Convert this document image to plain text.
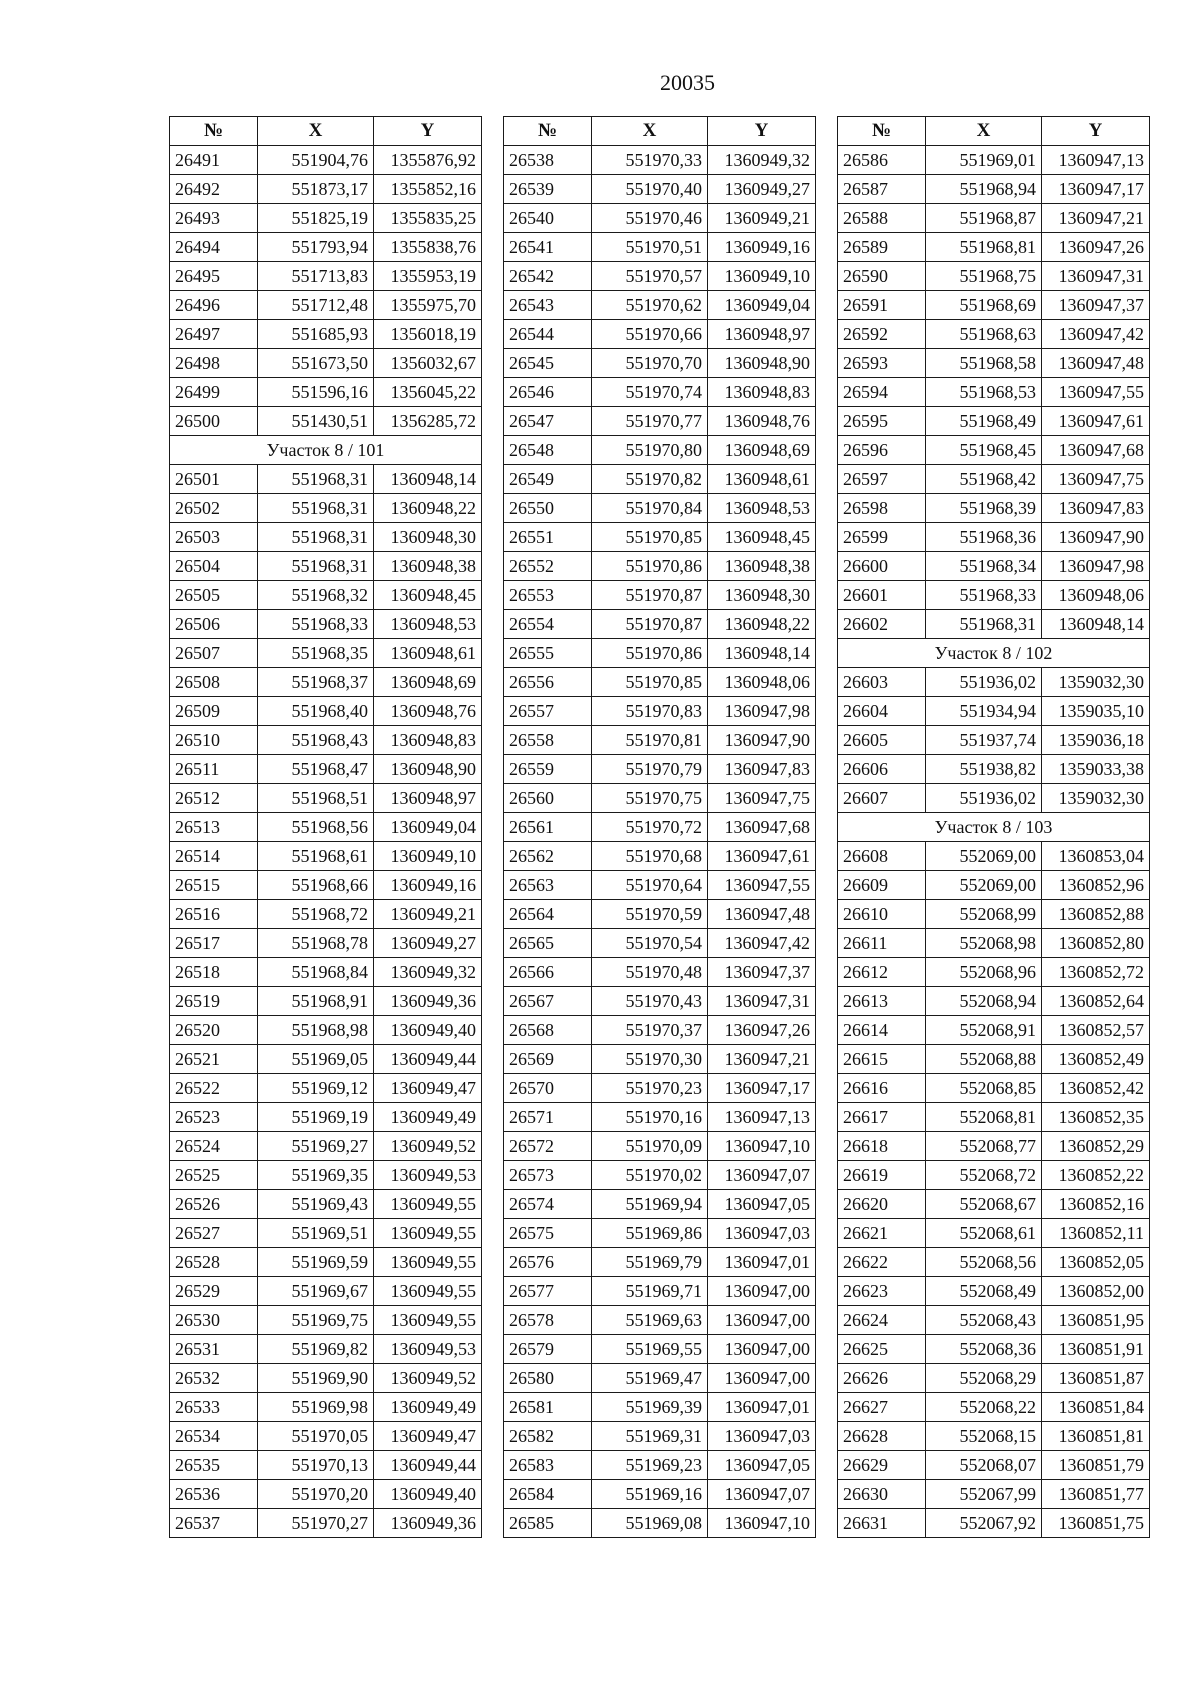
20035
№	X	Y
26491	551904,76	1355876,92
26492	551873,17	1355852,16
26493	551825,19	1355835,25
26494	551793,94	1355838,76
26495	551713,83	1355953,19
26496	551712,48	1355975,70
26497	551685,93	1356018,19
26498	551673,50	1356032,67
26499	551596,16	1356045,22
26500	551430,51	1356285,72
Участок 8 / 101		
26501	551968,31	1360948,14
26502	551968,31	1360948,22
26503	551968,31	1360948,30
26504	551968,31	1360948,38
26505	551968,32	1360948,45
26506	551968,33	1360948,53
26507	551968,35	1360948,61
26508	551968,37	1360948,69
26509	551968,40	1360948,76
26510	551968,43	1360948,83
26511	551968,47	1360948,90
26512	551968,51	1360948,97
26513	551968,56	1360949,04
26514	551968,61	1360949,10
26515	551968,66	1360949,16
26516	551968,72	1360949,21
26517	551968,78	1360949,27
26518	551968,84	1360949,32
26519	551968,91	1360949,36
26520	551968,98	1360949,40
26521	551969,05	1360949,44
26522	551969,12	1360949,47
26523	551969,19	1360949,49
26524	551969,27	1360949,52
26525	551969,35	1360949,53
26526	551969,43	1360949,55
26527	551969,51	1360949,55
26528	551969,59	1360949,55
26529	551969,67	1360949,55
26530	551969,75	1360949,55
26531	551969,82	1360949,53
26532	551969,90	1360949,52
26533	551969,98	1360949,49
26534	551970,05	1360949,47
26535	551970,13	1360949,44
26536	551970,20	1360949,40
26537	551970,27	1360949,36
№	X	Y
26538	551970,33	1360949,32
26539	551970,40	1360949,27
26540	551970,46	1360949,21
26541	551970,51	1360949,16
26542	551970,57	1360949,10
26543	551970,62	1360949,04
26544	551970,66	1360948,97
26545	551970,70	1360948,90
26546	551970,74	1360948,83
26547	551970,77	1360948,76
26548	551970,80	1360948,69
26549	551970,82	1360948,61
26550	551970,84	1360948,53
26551	551970,85	1360948,45
26552	551970,86	1360948,38
26553	551970,87	1360948,30
26554	551970,87	1360948,22
26555	551970,86	1360948,14
26556	551970,85	1360948,06
26557	551970,83	1360947,98
26558	551970,81	1360947,90
26559	551970,79	1360947,83
26560	551970,75	1360947,75
26561	551970,72	1360947,68
26562	551970,68	1360947,61
26563	551970,64	1360947,55
26564	551970,59	1360947,48
26565	551970,54	1360947,42
26566	551970,48	1360947,37
26567	551970,43	1360947,31
26568	551970,37	1360947,26
26569	551970,30	1360947,21
26570	551970,23	1360947,17
26571	551970,16	1360947,13
26572	551970,09	1360947,10
26573	551970,02	1360947,07
26574	551969,94	1360947,05
26575	551969,86	1360947,03
26576	551969,79	1360947,01
26577	551969,71	1360947,00
26578	551969,63	1360947,00
26579	551969,55	1360947,00
26580	551969,47	1360947,00
26581	551969,39	1360947,01
26582	551969,31	1360947,03
26583	551969,23	1360947,05
26584	551969,16	1360947,07
26585	551969,08	1360947,10
№	X	Y
26586	551969,01	1360947,13
26587	551968,94	1360947,17
26588	551968,87	1360947,21
26589	551968,81	1360947,26
26590	551968,75	1360947,31
26591	551968,69	1360947,37
26592	551968,63	1360947,42
26593	551968,58	1360947,48
26594	551968,53	1360947,55
26595	551968,49	1360947,61
26596	551968,45	1360947,68
26597	551968,42	1360947,75
26598	551968,39	1360947,83
26599	551968,36	1360947,90
26600	551968,34	1360947,98
26601	551968,33	1360948,06
26602	551968,31	1360948,14
Участок 8 / 102		
26603	551936,02	1359032,30
26604	551934,94	1359035,10
26605	551937,74	1359036,18
26606	551938,82	1359033,38
26607	551936,02	1359032,30
Участок 8 / 103		
26608	552069,00	1360853,04
26609	552069,00	1360852,96
26610	552068,99	1360852,88
26611	552068,98	1360852,80
26612	552068,96	1360852,72
26613	552068,94	1360852,64
26614	552068,91	1360852,57
26615	552068,88	1360852,49
26616	552068,85	1360852,42
26617	552068,81	1360852,35
26618	552068,77	1360852,29
26619	552068,72	1360852,22
26620	552068,67	1360852,16
26621	552068,61	1360852,11
26622	552068,56	1360852,05
26623	552068,49	1360852,00
26624	552068,43	1360851,95
26625	552068,36	1360851,91
26626	552068,29	1360851,87
26627	552068,22	1360851,84
26628	552068,15	1360851,81
26629	552068,07	1360851,79
26630	552067,99	1360851,77
26631	552067,92	1360851,75
